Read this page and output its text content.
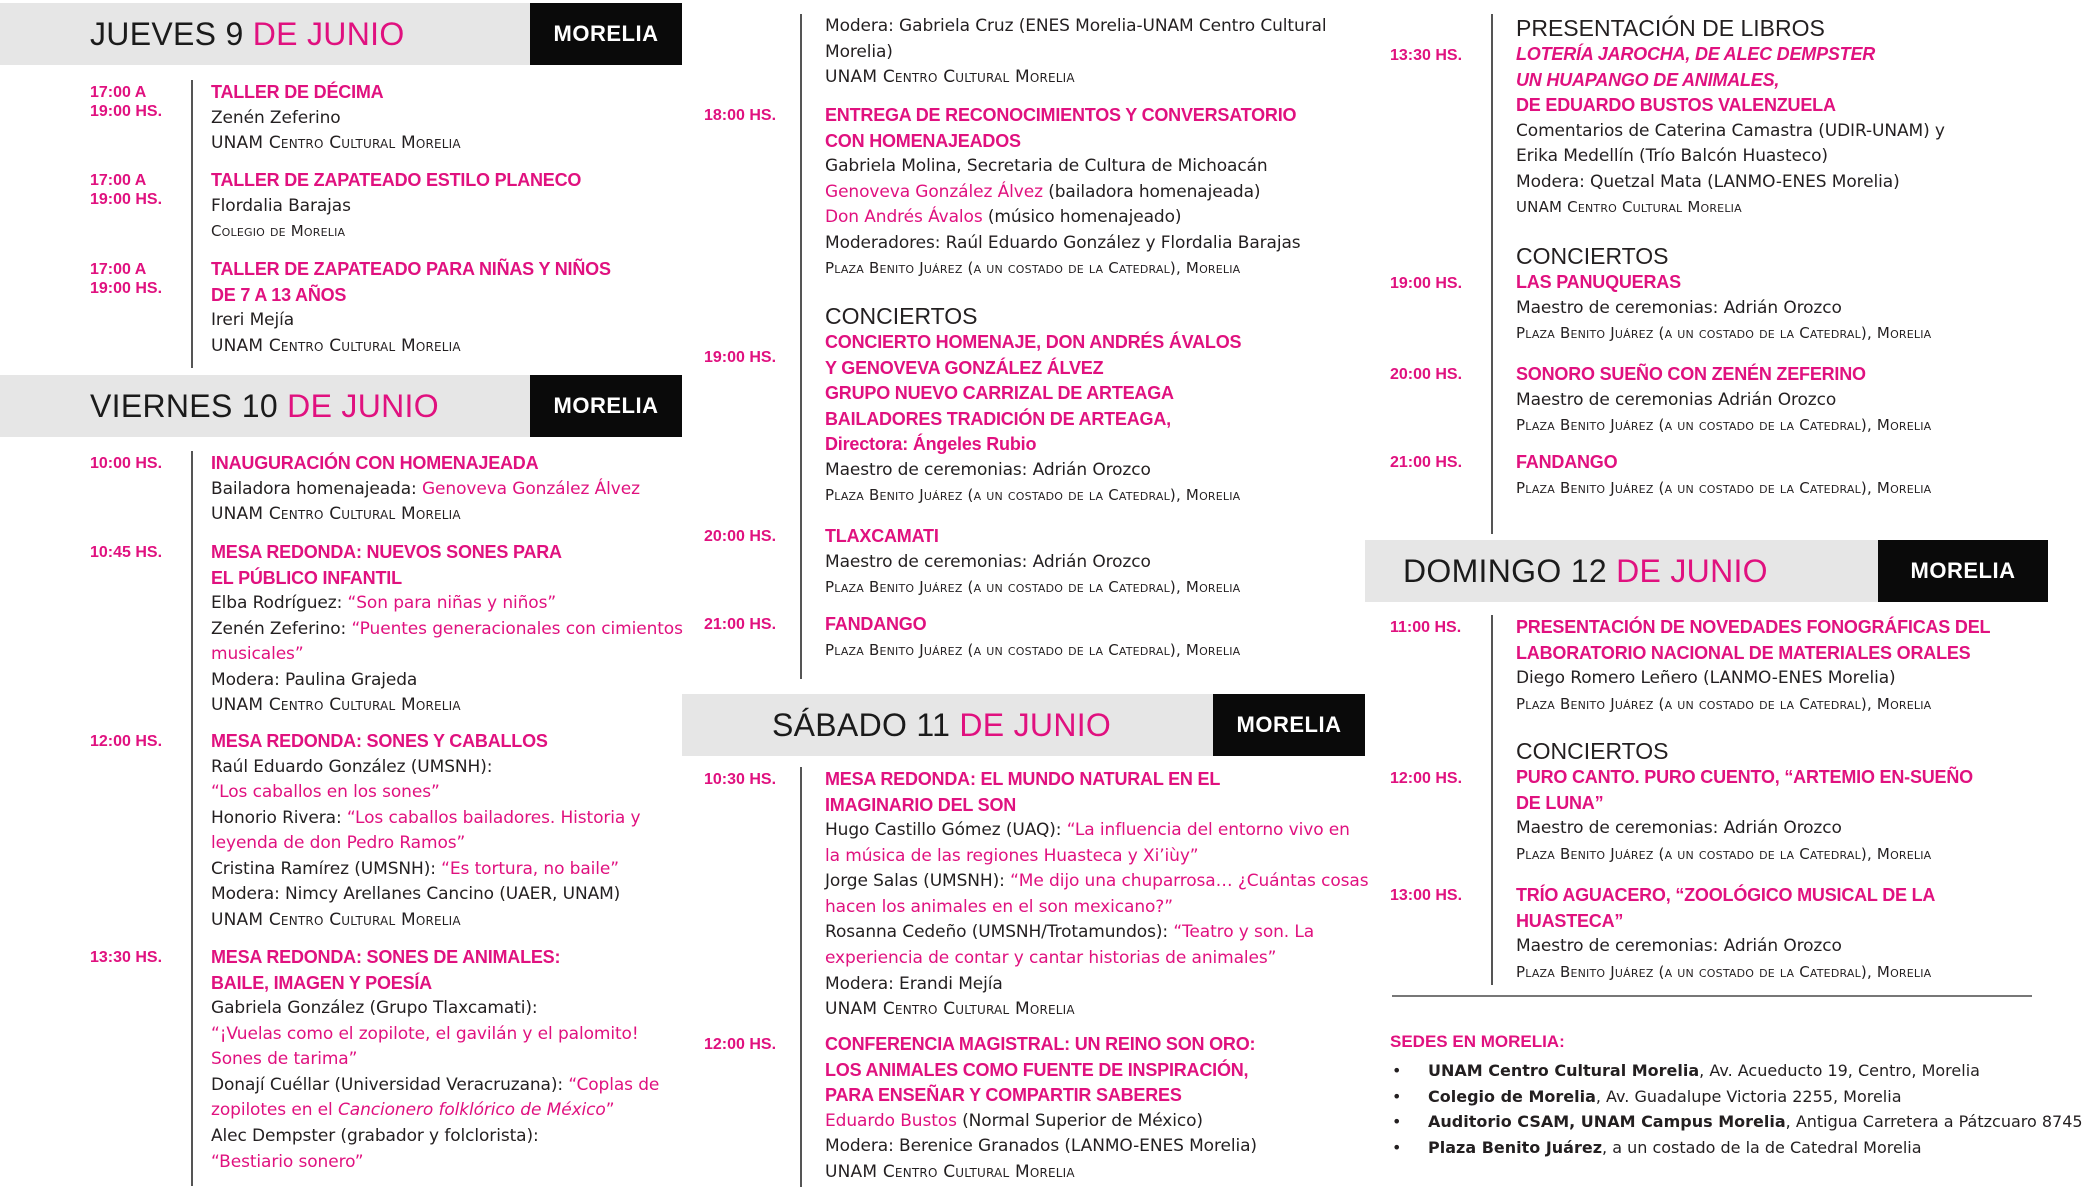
JUEVES 9 DE JUNIO	MORELIA
17:00 A
19:00 HS.
TALLER DE DÉCIMA
Zenén Zeferino
UNAM Centro Cultural Morelia
17:00 A
19:00 HS.
TALLER DE ZAPATEADO ESTILO PLANECO
Flordalia Barajas
Colegio de Morelia
17:00 A
19:00 HS.
TALLER DE ZAPATEADO PARA NIÑAS Y NIÑOS
DE 7 A 13 AÑOS
Ireri Mejía
UNAM Centro Cultural Morelia
VIERNES 10 DE JUNIO	MORELIA
10:00 HS.	INAUGURACIÓN CON HOMENAJEADA
Bailadora homenajeada: Genoveva González Álvez
UNAM Centro Cultural Morelia
10:45 HS.	MESA REDONDA: NUEVOS SONES PARA
EL PÚBLICO INFANTIL
Elba Rodríguez: “Son para niñas y niños”
Zenén Zeferino: “Puentes generacionales con cimientos
musicales”
Modera: Paulina Grajeda
UNAM Centro Cultural Morelia
12:00 HS.	MESA REDONDA: SONES Y CABALLOS
Raúl Eduardo González (UMSNH):
“Los caballos en los sones”
Honorio Rivera: “Los caballos bailadores. Historia y
leyenda de don Pedro Ramos”
Cristina Ramírez (UMSNH): “Es tortura, no baile”
Modera: Nimcy Arellanes Cancino (UAER, UNAM)
UNAM Centro Cultural Morelia
13:30 HS.	MESA REDONDA: SONES DE ANIMALES:
BAILE, IMAGEN Y POESÍA
Gabriela González (Grupo Tlaxcamati):
“¡Vuelas como el zopilote, el gavilán y el palomito!
Sones de tarima”
Donají Cuéllar (Universidad Veracruzana): “Coplas de
zopilotes en el Cancionero folklórico de México”
Alec Dempster (grabador y folclorista):
“Bestiario sonero”
Modera: Gabriela Cruz (ENES Morelia-UNAM Centro Cultural
Morelia)
UNAM Centro Cultural Morelia
18:00 HS.	ENTREGA DE RECONOCIMIENTOS Y CONVERSATORIO
CON HOMENAJEADOS
Gabriela Molina, Secretaria de Cultura de Michoacán
Genoveva González Álvez (bailadora homenajeada)
Don Andrés Ávalos (músico homenajeado)
Moderadores: Raúl Eduardo González y Flordalia Barajas
Plaza Benito Juárez (a un costado de la Catedral), Morelia
19:00 HS.
CONCIERTOS
CONCIERTO HOMENAJE, DON ANDRÉS ÁVALOS
Y GENOVEVA GONZÁLEZ ÁLVEZ
GRUPO NUEVO CARRIZAL DE ARTEAGA
BAILADORES TRADICIÓN DE ARTEAGA,
Directora: Ángeles Rubio
Maestro de ceremonias: Adrián Orozco
Plaza Benito Juárez (a un costado de la Catedral), Morelia
20:00 HS.	TLAXCAMATI
Maestro de ceremonias: Adrián Orozco
Plaza Benito Juárez (a un costado de la Catedral), Morelia
21:00 HS.	FANDANGO
Plaza Benito Juárez (a un costado de la Catedral), Morelia
SÁBADO 11 DE JUNIO	MORELIA
10:30 HS.	MESA REDONDA: EL MUNDO NATURAL EN EL
IMAGINARIO DEL SON
Hugo Castillo Gómez (UAQ): “La influencia del entorno vivo en
la música de las regiones Huasteca y Xi’iùy”
Jorge Salas (UMSNH): “Me dijo una chuparrosa… ¿Cuántas cosas
hacen los animales en el son mexicano?”
Rosanna Cedeño (UMSNH/Trotamundos): “Teatro y son. La
experiencia de contar y cantar historias de animales”
Modera: Erandi Mejía
UNAM Centro Cultural Morelia
12:00 HS.	CONFERENCIA MAGISTRAL: UN REINO SON ORO:
LOS ANIMALES COMO FUENTE DE INSPIRACIÓN,
PARA ENSEÑAR Y COMPARTIR SABERES
Eduardo Bustos (Normal Superior de México)
Modera: Berenice Granados (LANMO-ENES Morelia)
UNAM Centro Cultural Morelia
13:30 HS.
PRESENTACIÓN DE LIBROS
LOTERÍA JAROCHA, DE ALEC DEMPSTER
UN HUAPANGO DE ANIMALES,
DE EDUARDO BUSTOS VALENZUELA
Comentarios de Caterina Camastra (UDIR-UNAM) y
Erika Medellín (Trío Balcón Huasteco)
Modera: Quetzal Mata (LANMO-ENES Morelia)
UNAM Centro Cultural Morelia
19:00 HS.
CONCIERTOS
LAS PANUQUERAS
Maestro de ceremonias: Adrián Orozco
Plaza Benito Juárez (a un costado de la Catedral), Morelia
20:00 HS.	SONORO SUEÑO CON ZENÉN ZEFERINO
Maestro de ceremonias Adrián Orozco
Plaza Benito Juárez (a un costado de la Catedral), Morelia
21:00 HS.	FANDANGO
Plaza Benito Juárez (a un costado de la Catedral), Morelia
DOMINGO 12 DE JUNIO	MORELIA
11:00 HS.	PRESENTACIÓN DE NOVEDADES FONOGRÁFICAS DEL
LABORATORIO NACIONAL DE MATERIALES ORALES
Diego Romero Leñero (LANMO-ENES Morelia)
Plaza Benito Juárez (a un costado de la Catedral), Morelia
12:00 HS.
CONCIERTOS
PURO CANTO. PURO CUENTO, “ARTEMIO EN-SUEÑO
DE LUNA”
Maestro de ceremonias: Adrián Orozco
Plaza Benito Juárez (a un costado de la Catedral), Morelia
13:00 HS.	TRÍO AGUACERO, “ZOOLÓGICO MUSICAL DE LA
HUASTECA”
Maestro de ceremonias: Adrián Orozco
Plaza Benito Juárez (a un costado de la Catedral), Morelia
SEDES EN MORELIA:
• UNAM Centro Cultural Morelia, Av. Acueducto 19, Centro, Morelia
• Colegio de Morelia, Av. Guadalupe Victoria 2255, Morelia
• Auditorio CSAM, UNAM Campus Morelia, Antigua Carretera a Pátzcuaro 8745
• Plaza Benito Juárez, a un costado de la de Catedral Morelia
